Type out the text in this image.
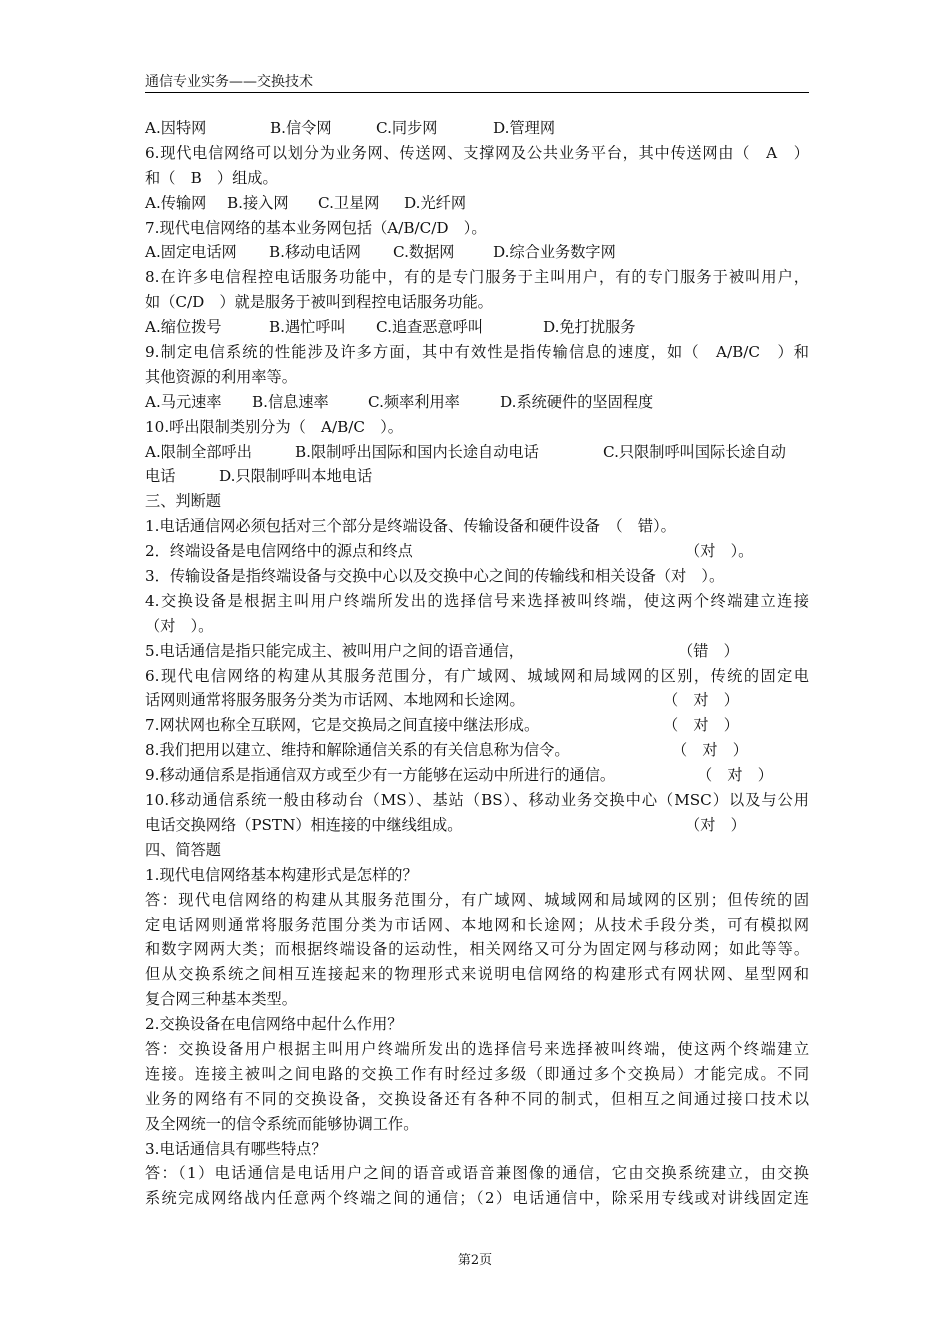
通信专业实务——交换技术
A.因特网	B.信令网	C.同步网	D.管理网
6.现代电信网络可以划分为业务网、传送网、支撑网及公共业务平台，其中传送网由（　A　）
和（　B　）组成。
A.传输网 B.接入网 C.卫星网 D.光纤网
7.现代电信网络的基本业务网包括（A/B/C/D　）。
A.固定电话网 B.移动电话网 C.数据网	D.综合业务数字网
8.在许多电信程控电话服务功能中，有的是专门服务于主叫用户，有的专门服务于被叫用户，
如（C/D　）就是服务于被叫到程控电话服务功能。
A.缩位拨号	B.遇忙呼叫 C.追查恶意呼叫	D.免打扰服务
9.制定电信系统的性能涉及许多方面，其中有效性是指传输信息的速度，如（　A/B/C　）和
其他资源的利用率等。
A.马元速率 B.信息速率	C.频率利用率	D.系统硬件的坚固程度
10.呼出限制类别分为（　A/B/C　）。
A.限制全部呼出	B.限制呼出国际和国内长途自动电话	C.只限制呼叫国际长途自动
电话	D.只限制呼叫本地电话
三、判断题
1.电话通信网必须包括对三个部分是终端设备、传输设备和硬件设备　（　错）。
2．终端设备是电信网络中的源点和终点	（对　）。
3．传输设备是指终端设备与交换中心以及交换中心之间的传输线和相关设备（对　）。
4.交换设备是根据主叫用户终端所发出的选择信号来选择被叫终端，使这两个终端建立连接
（对　）。
5.电话通信是指只能完成主、被叫用户之间的语音通信，	（错　）
6.现代电信网络的构建从其服务范围分，有广域网、城域网和局域网的区别，传统的固定电
话网则通常将服务服务分类为市话网、本地网和长途网。	（　对　）
7.网状网也称全互联网，它是交换局之间直接中继法形成。	（　对　）
8.我们把用以建立、维持和解除通信关系的有关信息称为信令。	（　对　）
9.移动通信系是指通信双方或至少有一方能够在运动中所进行的通信。	（　对　）
10.移动通信系统一般由移动台（MS）、基站（BS）、移动业务交换中心（MSC）以及与公用
电话交换网络（PSTN）相连接的中继线组成。	（对　）
四、简答题
1.现代电信网络基本构建形式是怎样的？
答：现代电信网络的构建从其服务范围分，有广域网、城域网和局域网的区别；但传统的固
定电话网则通常将服务范围分类为市话网、本地网和长途网；从技术手段分类，可有模拟网
和数字网两大类；而根据终端设备的运动性，相关网络又可分为固定网与移动网；如此等等。
但从交换系统之间相互连接起来的物理形式来说明电信网络的构建形式有网状网、星型网和
复合网三种基本类型。
2.交换设备在电信网络中起什么作用？
答：交换设备用户根据主叫用户终端所发出的选择信号来选择被叫终端，使这两个终端建立
连接。连接主被叫之间电路的交换工作有时经过多级（即通过多个交换局）才能完成。不同
业务的网络有不同的交换设备，交换设备还有各种不同的制式，但相互之间通过接口技术以
及全网统一的信令系统而能够协调工作。
3.电话通信具有哪些特点？
答：（1）电话通信是电话用户之间的语音或语音兼图像的通信，它由交换系统建立，由交换
系统完成网络战内任意两个终端之间的通信；（2）电话通信中，除采用专线或对讲线固定连
第2页
